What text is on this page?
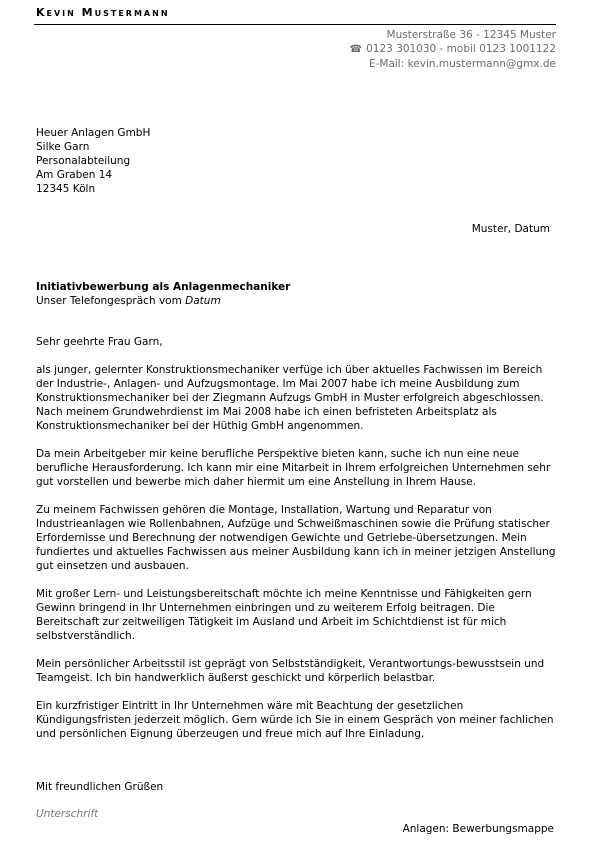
Kevin Mustermann
Musterstraße 36 - 12345 Muster
☎ 0123 301030 - mobil 0123 1001122
E-Mail: kevin.mustermann@gmx.de
Heuer Anlagen GmbH
Silke Garn
Personalabteilung
Am Graben 14
12345 Köln
Muster, Datum
Initiativbewerbung als Anlagenmechaniker
Unser Telefongespräch vom Datum

Sehr geehrte Frau Garn,

als junger, gelernter Konstruktionsmechaniker verfüge ich über aktuelles Fachwissen im Bereich der Industrie-, Anlagen- und Aufzugsmontage. Im Mai 2007 habe ich meine Ausbildung zum Konstruktionsmechaniker bei der Ziegmann Aufzugs GmbH in Muster erfolgreich abgeschlossen. Nach meinem Grundwehrdienst im Mai 2008 habe ich einen befristeten Arbeitsplatz als Konstruktionsmechaniker bei der Hüthig GmbH angenommen.

Da mein Arbeitgeber mir keine berufliche Perspektive bieten kann, suche ich nun eine neue berufliche Herausforderung. Ich kann mir eine Mitarbeit in Ihrem erfolgreichen Unternehmen sehr gut vorstellen und bewerbe mich daher hiermit um eine Anstellung in Ihrem Hause.

Zu meinem Fachwissen gehören die Montage, Installation, Wartung und Reparatur von Industrieanlagen wie Rollenbahnen, Aufzüge und Schweißmaschinen sowie die Prüfung statischer Erfordernisse und Berechnung der notwendigen Gewichte und Getriebe-übersetzungen. Mein fundiertes und aktuelles Fachwissen aus meiner Ausbildung kann ich in meiner jetzigen Anstellung gut einsetzen und ausbauen.

Mit großer Lern- und Leistungsbereitschaft möchte ich meine Kenntnisse und Fähigkeiten gern Gewinn bringend in Ihr Unternehmen einbringen und zu weiterem Erfolg beitragen. Die Bereitschaft zur zeitweiligen Tätigkeit im Ausland und Arbeit im Schichtdienst ist für mich selbstverständlich.

Mein persönlicher Arbeitsstil ist geprägt von Selbstständigkeit, Verantwortungs-bewusstsein und Teamgeist. Ich bin handwerklich äußerst geschickt und körperlich belastbar.

Ein kurzfristiger Eintritt in Ihr Unternehmen wäre mit Beachtung der gesetzlichen Kündigungsfristen jederzeit möglich. Gern würde ich Sie in einem Gespräch von meiner fachlichen und persönlichen Eignung überzeugen und freue mich auf Ihre Einladung.

Mit freundlichen Grüßen
Unterschrift
Anlagen: Bewerbungsmappe
